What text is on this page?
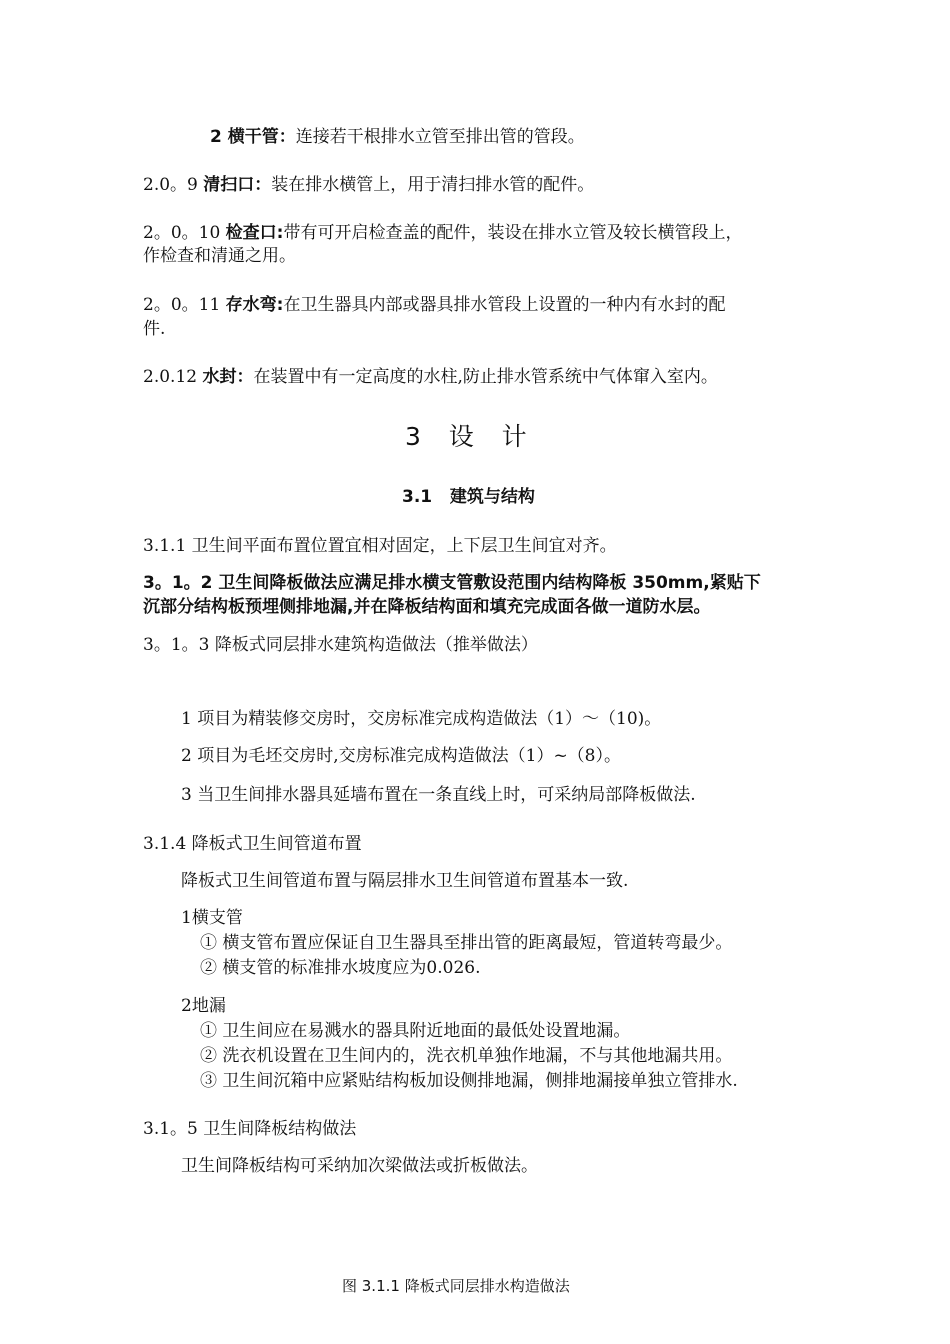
2 横干管：连接若干根排水立管至排出管的管段。
2.0。9 清扫口：装在排水横管上，用于清扫排水管的配件。
2。0。10 检查口:带有可开启检查盖的配件，装设在排水立管及较长横管段上，
作检查和清通之用。
2。0。11 存水弯:在卫生器具内部或器具排水管段上设置的一种内有水封的配
件.
2.0.12 水封：在装置中有一定高度的水柱,防止排水管系统中气体窜入室内。
3   设   计
3.1   建筑与结构
3.1.1 卫生间平面布置位置宜相对固定，上下层卫生间宜对齐。
3。1。2 卫生间降板做法应满足排水横支管敷设范围内结构降板 350mm,紧贴下
沉部分结构板预埋侧排地漏,并在降板结构面和填充完成面各做一道防水层。
3。1。3 降板式同层排水建筑构造做法（推举做法）
1 项目为精装修交房时，交房标准完成构造做法（1）～（10)。
2 项目为毛坯交房时,交房标准完成构造做法（1）~（8）。
3 当卫生间排水器具延墙布置在一条直线上时，可采纳局部降板做法.
3.1.4 降板式卫生间管道布置
降板式卫生间管道布置与隔层排水卫生间管道布置基本一致.
1横支管
① 横支管布置应保证自卫生器具至排出管的距离最短，管道转弯最少。
② 横支管的标准排水坡度应为0.026.
2地漏
① 卫生间应在易溅水的器具附近地面的最低处设置地漏。
② 洗衣机设置在卫生间内的，洗衣机单独作地漏，不与其他地漏共用。
③ 卫生间沉箱中应紧贴结构板加设侧排地漏，侧排地漏接单独立管排水.
3.1。5 卫生间降板结构做法
卫生间降板结构可采纳加次梁做法或折板做法。
图 3.1.1 降板式同层排水构造做法
